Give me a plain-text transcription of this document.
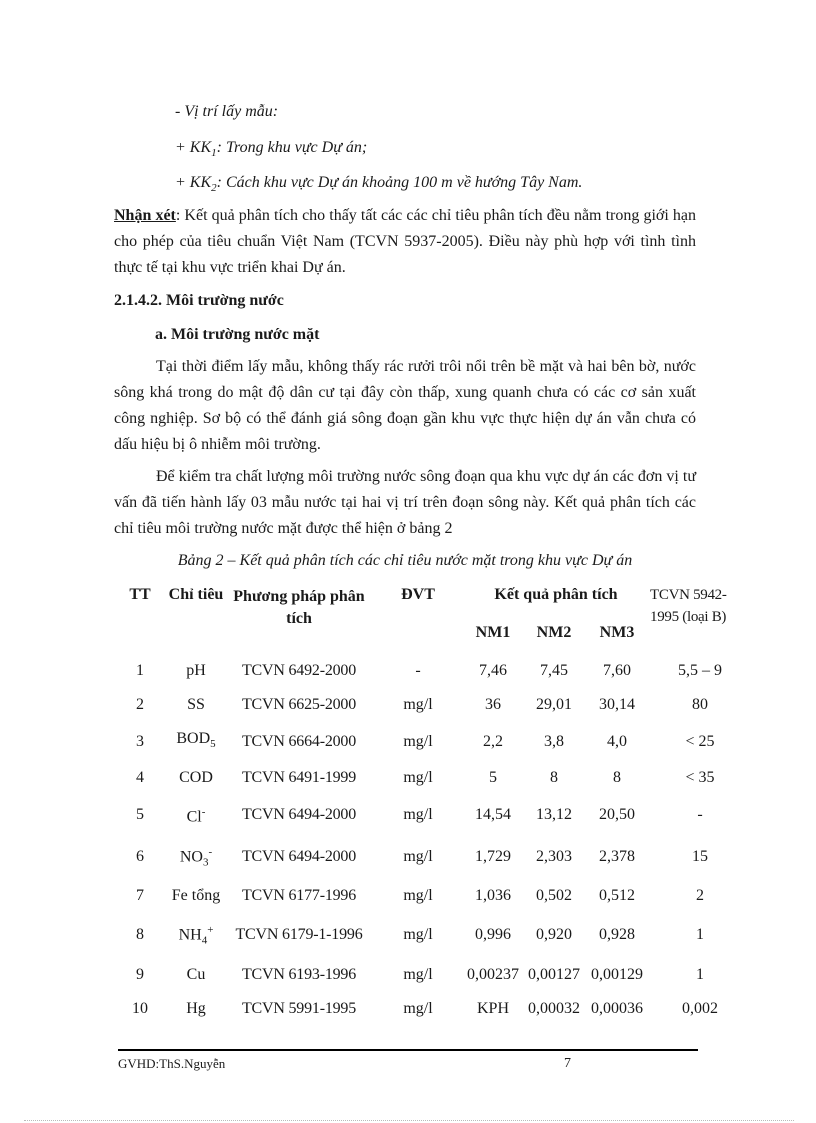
- Vị trí lấy mẫu:
+ $KK_1$: Trong khu vực Dự án;
+ $KK_2$: Cách khu vực Dự án khoảng 100 m về hướng Tây Nam.
Nhận xét: Kết quả phân tích cho thấy tất các các chỉ tiêu phân tích đều nằm trong giới hạn cho phép của tiêu chuẩn Việt Nam (TCVN 5937-2005). Điều này phù hợp với tình tình thực tế tại khu vực triển khai Dự án.
2.1.4.2. Môi trường nước
a. Môi trường nước mặt
Tại thời điểm lấy mẫu, không thấy rác rưởi trôi nổi trên bề mặt và hai bên bờ, nước sông khá trong do mật độ dân cư tại đây còn thấp, xung quanh chưa có các cơ sản xuất công nghiệp. Sơ bộ có thể đánh giá sông đoạn gần khu vực thực hiện dự án vẫn chưa có dấu hiệu bị ô nhiễm môi trường.
Để kiểm tra chất lượng môi trường nước sông đoạn qua khu vực dự án các đơn vị tư vấn đã tiến hành lấy 03 mẫu nước tại hai vị trí trên đoạn sông này. Kết quả phân tích các chỉ tiêu môi trường nước mặt được thể hiện ở bảng 2
Bảng 2 – Kết quả phân tích các chỉ tiêu nước mặt trong khu vực Dự án
TT	Chỉ tiêu	Phương pháp phân tích	ĐVT	Kết quả phân tích			TCVN 5942-1995 (loại B)
				NM1	NM2	NM3	
1	pH	TCVN 6492-2000	-	7,46	7,45	7,60	5,5 – 9
2	SS	TCVN 6625-2000	mg/l	36	29,01	30,14	80
3	$BOD_5$	TCVN 6664-2000	mg/l	2,2	3,8	4,0	< 25
4	COD	TCVN 6491-1999	mg/l	5	8	8	< 35
5	Cl-	TCVN 6494-2000	mg/l	14,54	13,12	20,50	-
6	$NO_3^-$	TCVN 6494-2000	mg/l	1,729	2,303	2,378	15
7	Fe tổng	TCVN 6177-1996	mg/l	1,036	0,502	0,512	2
8	$NH_4^+$	TCVN 6179-1-1996	mg/l	0,996	0,920	0,928	1
9	Cu	TCVN 6193-1996	mg/l	0,00237	0,00127	0,00129	1
10	Hg	TCVN 5991-1995	mg/l	KPH	0,00032	0,00036	0,002
GVHD:ThS.Nguyễn	7
